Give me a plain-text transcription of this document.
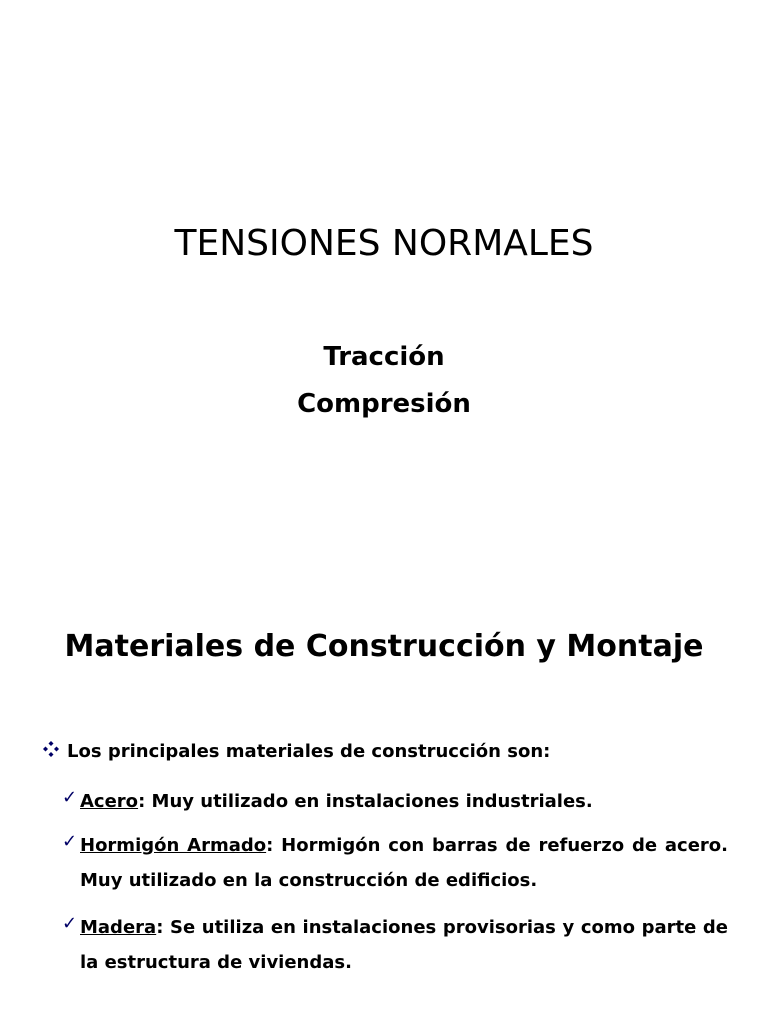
TENSIONES NORMALES
Tracción
Compresión
Materiales de Construcción y Montaje
Los principales materiales de construcción son:
✓ Acero: Muy utilizado en instalaciones industriales.
✓ Hormigón Armado: Hormigón con barras de refuerzo de acero. Muy utilizado en la construcción de edificios.
✓ Madera: Se utiliza en instalaciones provisorias y como parte de la estructura de viviendas.
